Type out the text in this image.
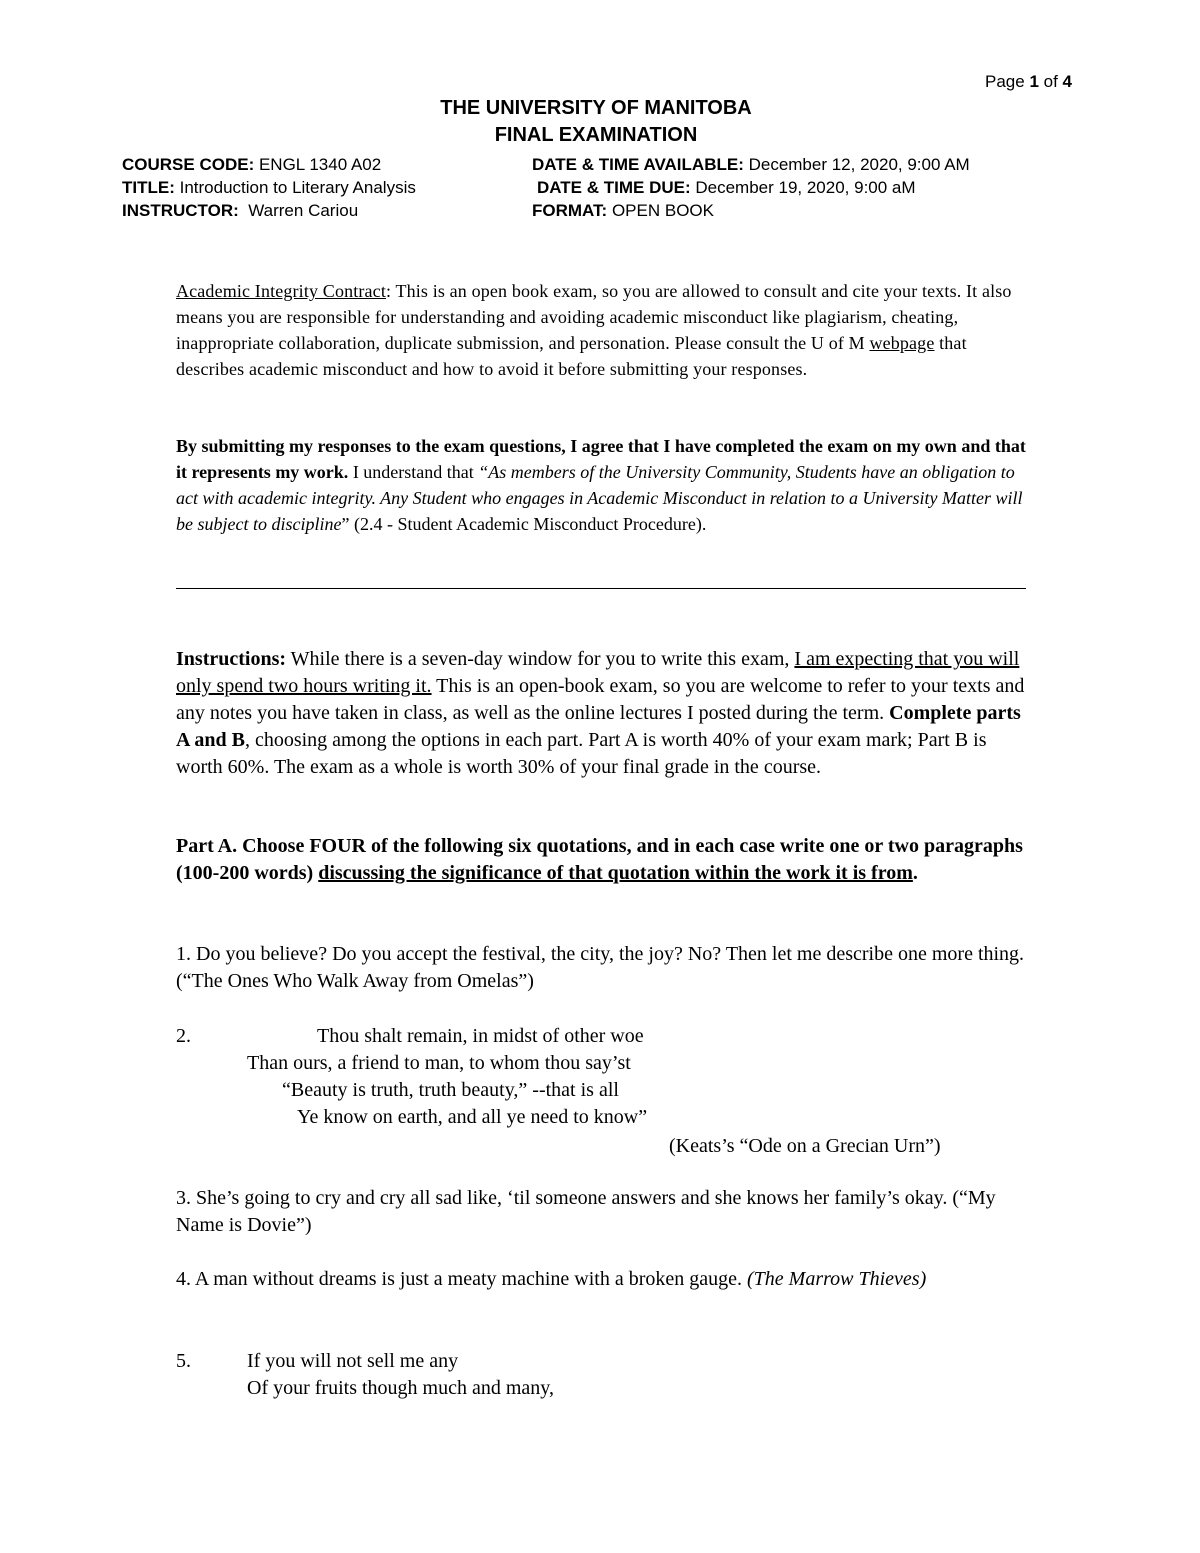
Page 1 of 4
THE UNIVERSITY OF MANITOBA
FINAL EXAMINATION
COURSE CODE: ENGL 1340 A02
TITLE: Introduction to Literary Analysis
INSTRUCTOR:  Warren Cariou
DATE & TIME AVAILABLE: December 12, 2020, 9:00 AM
DATE & TIME DUE: December 19, 2020, 9:00 aM
FORMAT: OPEN BOOK
Academic Integrity Contract: This is an open book exam, so you are allowed to consult and cite your texts. It also means you are responsible for understanding and avoiding academic misconduct like plagiarism, cheating, inappropriate collaboration, duplicate submission, and personation. Please consult the U of M webpage that describes academic misconduct and how to avoid it before submitting your responses.
By submitting my responses to the exam questions, I agree that I have completed the exam on my own and that it represents my work. I understand that “As members of the University Community, Students have an obligation to act with academic integrity. Any Student who engages in Academic Misconduct in relation to a University Matter will be subject to discipline” (2.4 - Student Academic Misconduct Procedure).
Instructions: While there is a seven-day window for you to write this exam, I am expecting that you will only spend two hours writing it. This is an open-book exam, so you are welcome to refer to your texts and any notes you have taken in class, as well as the online lectures I posted during the term. Complete parts A and B, choosing among the options in each part. Part A is worth 40% of your exam mark; Part B is worth 60%. The exam as a whole is worth 30% of your final grade in the course.
Part A. Choose FOUR of the following six quotations, and in each case write one or two paragraphs (100-200 words) discussing the significance of that quotation within the work it is from.
1. Do you believe? Do you accept the festival, the city, the joy? No? Then let me describe one more thing. (“The Ones Who Walk Away from Omelas”)
2.	Thou shalt remain, in midst of other woe
Than ours, a friend to man, to whom thou say’st
“Beauty is truth, truth beauty,” --that is all
Ye know on earth, and all ye need to know”
(Keats’s “Ode on a Grecian Urn”)
3. She’s going to cry and cry all sad like, ‘til someone answers and she knows her family’s okay. (“My Name is Dovie”)
4. A man without dreams is just a meaty machine with a broken gauge. (The Marrow Thieves)
5.	If you will not sell me any
Of your fruits though much and many,
